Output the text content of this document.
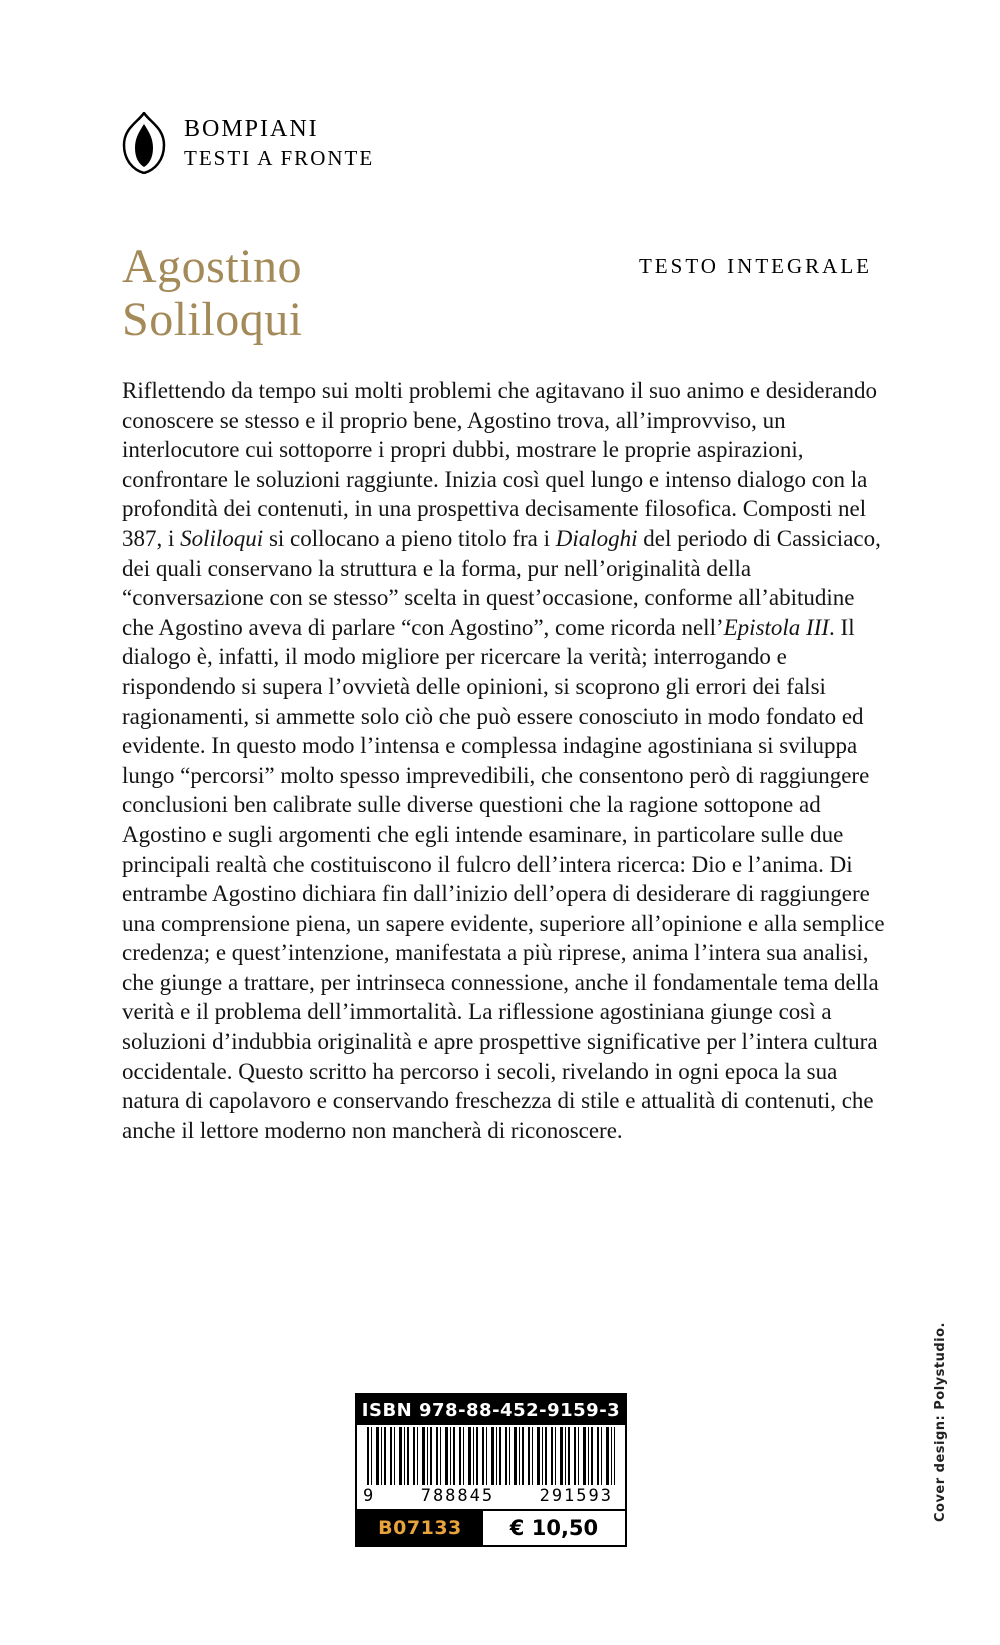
BOMPIANI
TESTI A FRONTE
Agostino
Soliloqui
TESTO INTEGRALE
Riflettendo da tempo sui molti problemi che agitavano il suo animo e desiderando conoscere se stesso e il proprio bene, Agostino trova, all’improvviso, un interlocutore cui sottoporre i propri dubbi, mostrare le proprie aspirazioni, confrontare le soluzioni raggiunte. Inizia così quel lungo e intenso dialogo con la profondità dei contenuti, in una prospettiva decisamente filosofica. Composti nel 387, i Soliloqui si collocano a pieno titolo fra i Dialoghi del periodo di Cassiciaco, dei quali conservano la struttura e la forma, pur nell’originalità della “conversazione con se stesso” scelta in quest’occasione, conforme all’abitudine che Agostino aveva di parlare “con Agostino”, come ricorda nell’Epistola III. Il dialogo è, infatti, il modo migliore per ricercare la verità; interrogando e rispondendo si supera l’ovvietà delle opinioni, si scoprono gli errori dei falsi ragionamenti, si ammette solo ciò che può essere conosciuto in modo fondato ed evidente. In questo modo l’intensa e complessa indagine agostiniana si sviluppa lungo “percorsi” molto spesso imprevedibili, che consentono però di raggiungere conclusioni ben calibrate sulle diverse questioni che la ragione sottopone ad Agostino e sugli argomenti che egli intende esaminare, in particolare sulle due principali realtà che costituiscono il fulcro dell’intera ricerca: Dio e l’anima. Di entrambe Agostino dichiara fin dall’inizio dell’opera di desiderare di raggiungere una comprensione piena, un sapere evidente, superiore all’opinione e alla semplice credenza; e quest’intenzione, manifestata a più riprese, anima l’intera sua analisi, che giunge a trattare, per intrinseca connessione, anche il fondamentale tema della verità e il problema dell’immortalità. La riflessione agostiniana giunge così a soluzioni d’indubbia originalità e apre prospettive significative per l’intera cultura occidentale. Questo scritto ha percorso i secoli, rivelando in ogni epoca la sua natura di capolavoro e conservando freschezza di stile e attualità di contenuti, che anche il lettore moderno non mancherà di riconoscere.
ISBN 978-88-452-9159-3
9	788845	291593
B07133	€ 10,50
Cover design: Polystudio.
